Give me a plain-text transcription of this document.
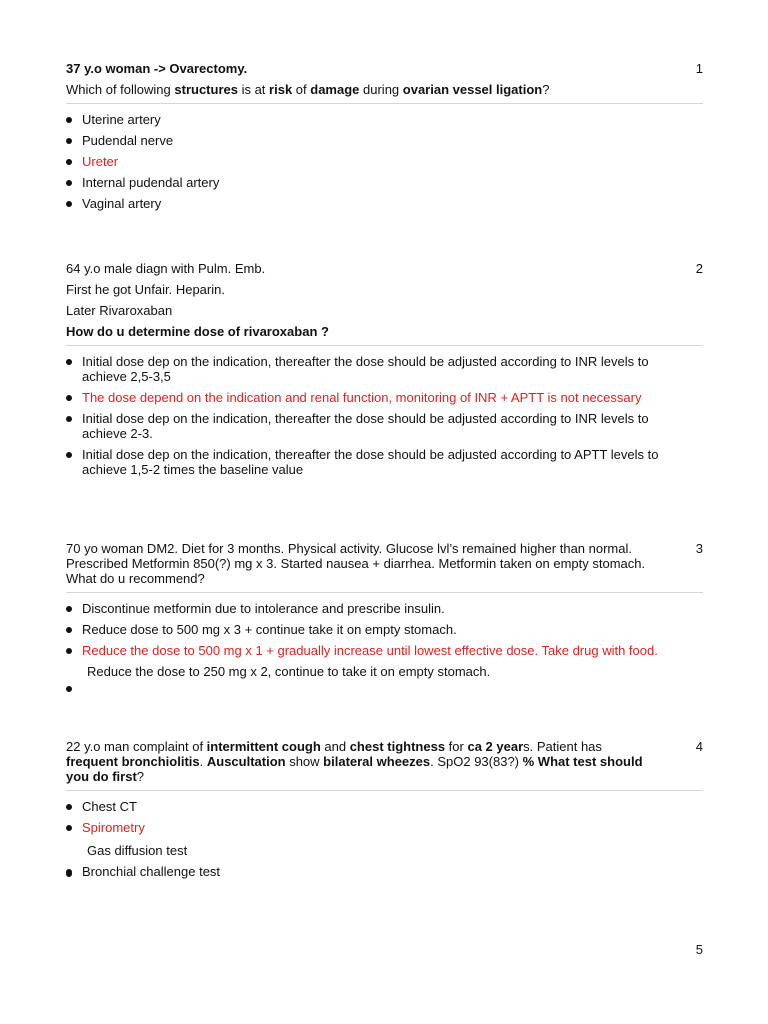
1

37 y.o woman -> Ovarectomy.

Which of following structures is at risk of damage during ovarian vessel ligation?

Uterine artery
Pudendal nerve
Ureter
Internal pudendal artery
Vaginal artery
2

64 y.o male diagn with Pulm. Emb.

First he got Unfair. Heparin.

Later Rivaroxaban

How do u determine dose of rivaroxaban ?

Initial dose dep on the indication, thereafter the dose should be adjusted according to INR levels to achieve 2,5-3,5
The dose depend on the indication and renal function, monitoring of INR + APTT is not necessary
Initial dose dep on the indication, thereafter the dose should be adjusted according to INR levels to achieve 2-3.
Initial dose dep on the indication, thereafter the dose should be adjusted according to APTT levels to achieve 1,5-2 times the baseline value
3

70 yo woman DM2. Diet for 3 months. Physical activity. Glucose lvl’s remained higher than normal. Prescribed Metformin 850(?) mg x 3. Started nausea + diarrhea. Metformin taken on empty stomach. What do u recommend?

Discontinue metformin due to intolerance and prescribe insulin.
Reduce dose to 500 mg x 3 + continue take it on empty stomach.
Reduce the dose to 500 mg x 1 + gradually increase until lowest effective dose. Take drug with food.
Reduce the dose to 250 mg x 2, continue to take it on empty stomach.
4

22 y.o man complaint of intermittent cough and chest tightness for ca 2 years. Patient has frequent bronchiolitis. Auscultation show bilateral wheezes. SpO2 93(83?) % What test should you do first?

Chest CT
Spirometry
Gas diffusion test
Bronchial challenge test
5
